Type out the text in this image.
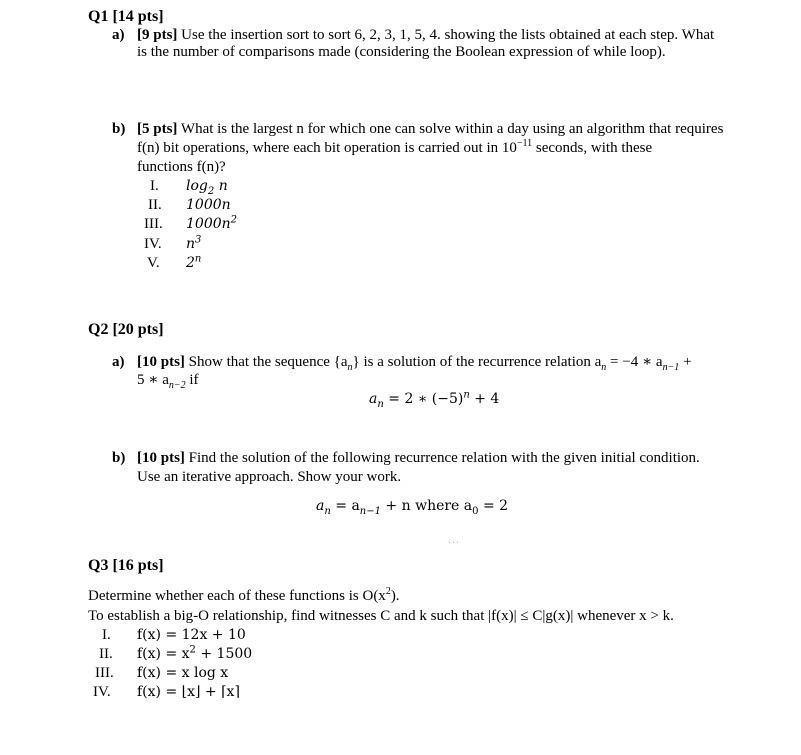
Q1 [14 pts]
a) [9 pts] Use the insertion sort to sort 6, 2, 3, 1, 5, 4. showing the lists obtained at each step. What
is the number of comparisons made (considering the Boolean expression of while loop).
b) [5 pts] What is the largest n for which one can solve within a day using an algorithm that requires
f(n) bit operations, where each bit operation is carried out in $10^{-11}$ seconds, with these
functions f(n)?
I. $\log_2 n$
II. 1000n
III. $1000n^2$
IV. $n^3$
V. 2$^n$
Q2 [20 pts]
a) [10 pts] Show that the sequence $\{a_n\}$ is a solution of the recurrence relation $a_n = -4$ ∗ $a_{n-1}$ +
5 ∗ $a_{n-2}$ if
$a_n = 2$ ∗ $(-5)^n + 4$
b) [10 pts] Find the solution of the following recurrence relation with the given initial condition.
Use an iterative approach. Show your work.
$a_n = a_{n-1} + n$ where $a_0 = 2$
...
Q3 [16 pts]
Determine whether each of these functions is $O(x^2)$.
To establish a big-O relationship, find witnesses C and k such that |f(x)| ≤ C|g(x)| whenever x > k.
I. f(x) = 12x + 10
II. $f(x) = x^2 + 1500$
III. f(x) = x log x
IV. f(x) = ⌊x⌋ + ⌈x⌉
